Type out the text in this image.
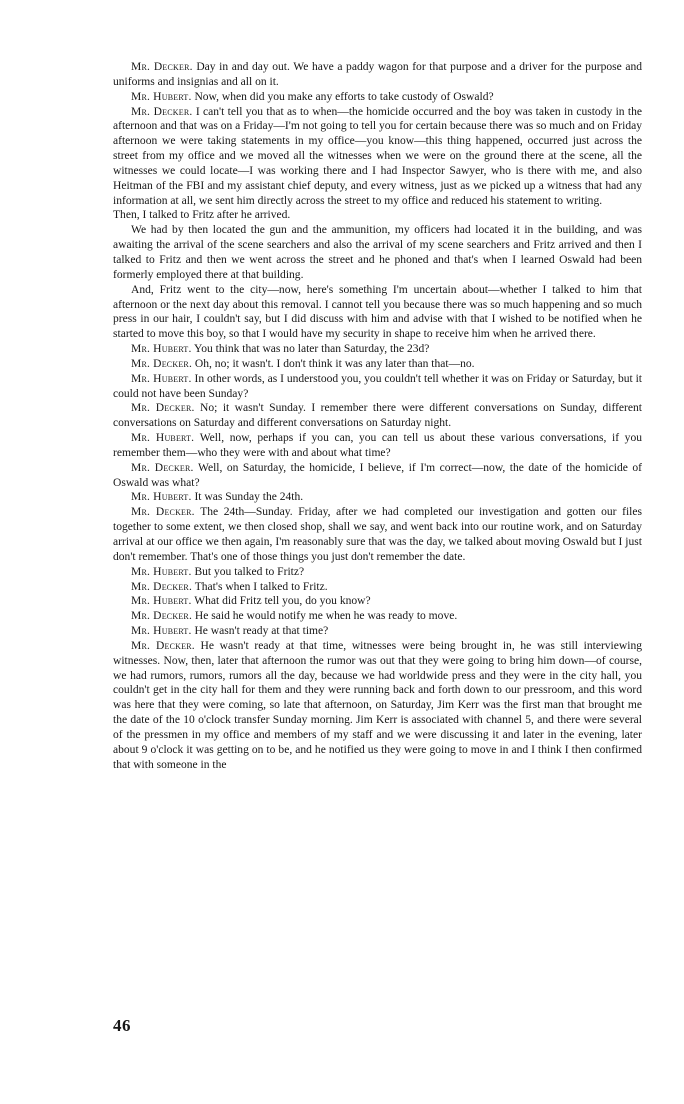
Mr. Decker. Day in and day out. We have a paddy wagon for that purpose and a driver for the purpose and uniforms and insignias and all on it.

Mr. Hubert. Now, when did you make any efforts to take custody of Oswald?

Mr. Decker. I can't tell you that as to when—the homicide occurred and the boy was taken in custody in the afternoon and that was on a Friday—I'm not going to tell you for certain because there was so much and on Friday afternoon we were taking statements in my office—you know—this thing happened, occurred just across the street from my office and we moved all the witnesses when we were on the ground there at the scene, all the witnesses we could locate—I was working there and I had Inspector Sawyer, who is there with me, and also Heitman of the FBI and my assistant chief deputy, and every witness, just as we picked up a witness that had any information at all, we sent him directly across the street to my office and reduced his statement to writing.
Then, I talked to Fritz after he arrived.

We had by then located the gun and the ammunition, my officers had located it in the building, and was awaiting the arrival of the scene searchers and also the arrival of my scene searchers and Fritz arrived and then I talked to Fritz and then we went across the street and he phoned and that's when I learned Oswald had been formerly employed there at that building.

And, Fritz went to the city—now, here's something I'm uncertain about—whether I talked to him that afternoon or the next day about this removal. I cannot tell you because there was so much happening and so much press in our hair, I couldn't say, but I did discuss with him and advise with that I wished to be notified when he started to move this boy, so that I would have my security in shape to receive him when he arrived there.

Mr. Hubert. You think that was no later than Saturday, the 23d?

Mr. Decker. Oh, no; it wasn't. I don't think it was any later than that—no.

Mr. Hubert. In other words, as I understood you, you couldn't tell whether it was on Friday or Saturday, but it could not have been Sunday?

Mr. Decker. No; it wasn't Sunday. I remember there were different conversations on Sunday, different conversations on Saturday and different conversations on Saturday night.

Mr. Hubert. Well, now, perhaps if you can, you can tell us about these various conversations, if you remember them—who they were with and about what time?

Mr. Decker. Well, on Saturday, the homicide, I believe, if I'm correct—now, the date of the homicide of Oswald was what?

Mr. Hubert. It was Sunday the 24th.

Mr. Decker. The 24th—Sunday. Friday, after we had completed our investigation and gotten our files together to some extent, we then closed shop, shall we say, and went back into our routine work, and on Saturday arrival at our office we then again, I'm reasonably sure that was the day, we talked about moving Oswald but I just don't remember. That's one of those things you just don't remember the date.

Mr. Hubert. But you talked to Fritz?

Mr. Decker. That's when I talked to Fritz.

Mr. Hubert. What did Fritz tell you, do you know?

Mr. Decker. He said he would notify me when he was ready to move.

Mr. Hubert. He wasn't ready at that time?

Mr. Decker. He wasn't ready at that time, witnesses were being brought in, he was still interviewing witnesses. Now, then, later that afternoon the rumor was out that they were going to bring him down—of course, we had rumors, rumors, rumors all the day, because we had worldwide press and they were in the city hall, you couldn't get in the city hall for them and they were running back and forth down to our pressroom, and this word was here that they were coming, so late that afternoon, on Saturday, Jim Kerr was the first man that brought me the date of the 10 o'clock transfer Sunday morning. Jim Kerr is associated with channel 5, and there were several of the pressmen in my office and members of my staff and we were discussing it and later in the evening, later about 9 o'clock it was getting on to be, and he notified us they were going to move in and I think I then confirmed that with someone in the

46
